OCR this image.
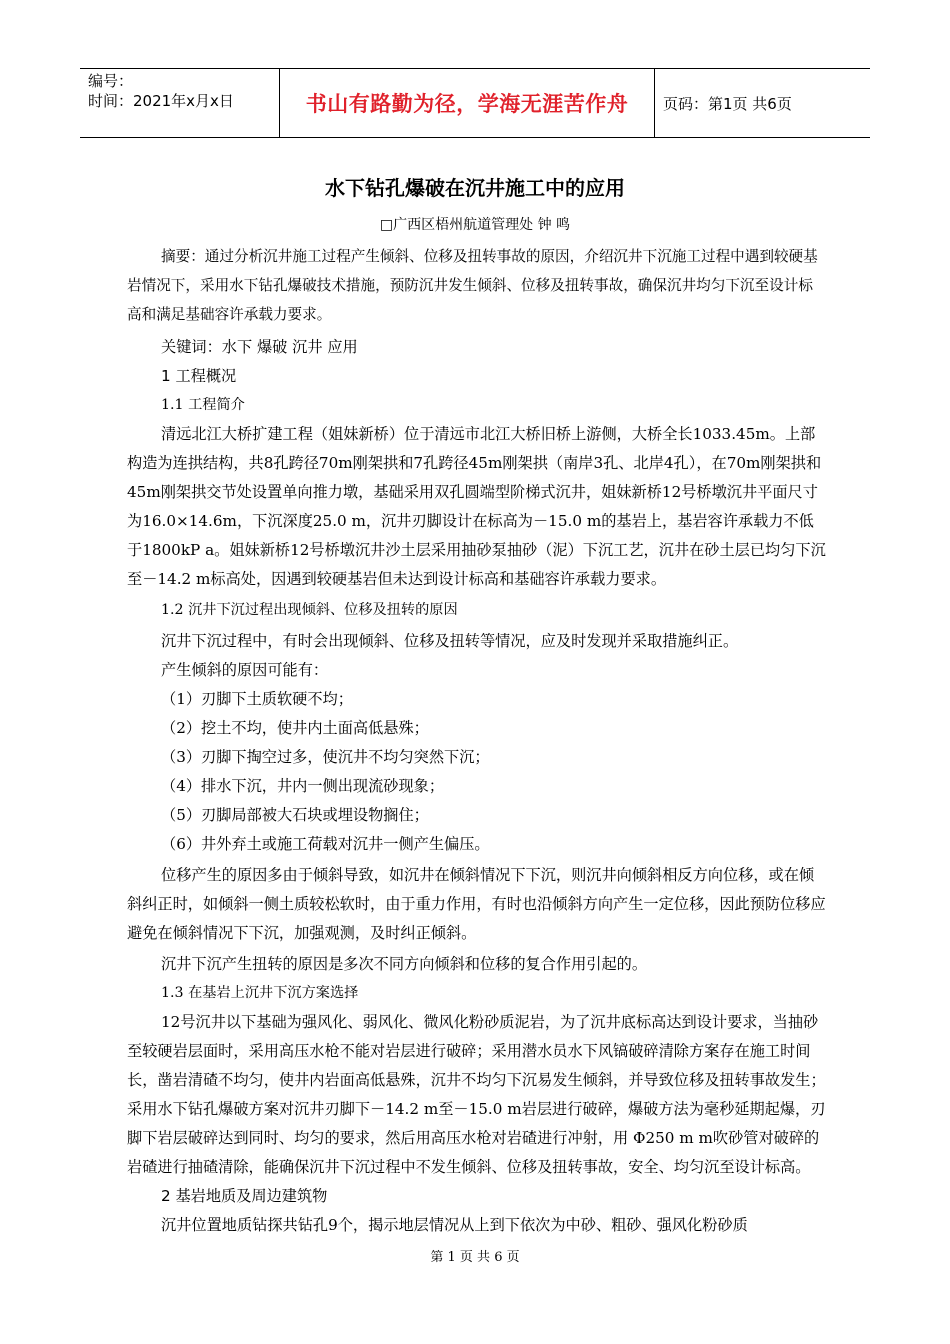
编号：
时间：2021年x月x日	书山有路勤为径，学海无涯苦作舟	页码：第1页 共6页
水下钻孔爆破在沉井施工中的应用
□广西区梧州航道管理处 钟 鸣

摘要：通过分析沉井施工过程产生倾斜、位移及扭转事故的原因，介绍沉井下沉施工过程中遇到较硬基岩情况下，采用水下钻孔爆破技术措施，预防沉井发生倾斜、位移及扭转事故，确保沉井均匀下沉至设计标高和满足基础容许承载力要求。

关键词：水下 爆破 沉井 应用

1 工程概况

1.1 工程简介

清远北江大桥扩建工程（姐妹新桥）位于清远市北江大桥旧桥上游侧，大桥全长1033.45m。上部构造为连拱结构，共8孔跨径70m刚架拱和7孔跨径45m刚架拱（南岸3孔、北岸4孔），在70m刚架拱和45m刚架拱交节处设置单向推力墩，基础采用双孔圆端型阶梯式沉井，姐妹新桥12号桥墩沉井平面尺寸为16.0×14.6m，下沉深度25.0 m，沉井刃脚设计在标高为－15.0 m的基岩上，基岩容许承载力不低于1800kP a。姐妹新桥12号桥墩沉井沙土层采用抽砂泵抽砂（泥）下沉工艺，沉井在砂土层已均匀下沉至－14.2 m标高处，因遇到较硬基岩但未达到设计标高和基础容许承载力要求。

1.2 沉井下沉过程出现倾斜、位移及扭转的原因

沉井下沉过程中，有时会出现倾斜、位移及扭转等情况，应及时发现并采取措施纠正。

产生倾斜的原因可能有：

（1）刃脚下土质软硬不均；

（2）挖土不均，使井内土面高低悬殊；

（3）刃脚下掏空过多，使沉井不均匀突然下沉；

（4）排水下沉，井内一侧出现流砂现象；

（5）刃脚局部被大石块或埋设物搁住；

（6）井外弃土或施工荷载对沉井一侧产生偏压。

位移产生的原因多由于倾斜导致，如沉井在倾斜情况下下沉，则沉井向倾斜相反方向位移，或在倾斜纠正时，如倾斜一侧土质较松软时，由于重力作用，有时也沿倾斜方向产生一定位移，因此预防位移应避免在倾斜情况下下沉，加强观测，及时纠正倾斜。

沉井下沉产生扭转的原因是多次不同方向倾斜和位移的复合作用引起的。

1.3 在基岩上沉井下沉方案选择

12号沉井以下基础为强风化、弱风化、微风化粉砂质泥岩，为了沉井底标高达到设计要求，当抽砂至较硬岩层面时，采用高压水枪不能对岩层进行破碎；采用潜水员水下风镐破碎清除方案存在施工时间长，凿岩清碴不均匀，使井内岩面高低悬殊，沉井不均匀下沉易发生倾斜，并导致位移及扭转事故发生；采用水下钻孔爆破方案对沉井刃脚下－14.2 m至－15.0 m岩层进行破碎，爆破方法为毫秒延期起爆，刃脚下岩层破碎达到同时、均匀的要求，然后用高压水枪对岩碴进行冲射，用 Φ250 m m吹砂管对破碎的岩碴进行抽碴清除，能确保沉井下沉过程中不发生倾斜、位移及扭转事故，安全、均匀沉至设计标高。

2 基岩地质及周边建筑物

沉井位置地质钻探共钻孔9个，揭示地层情况从上到下依次为中砂、粗砂、强风化粉砂质

第 1 页 共 6 页
